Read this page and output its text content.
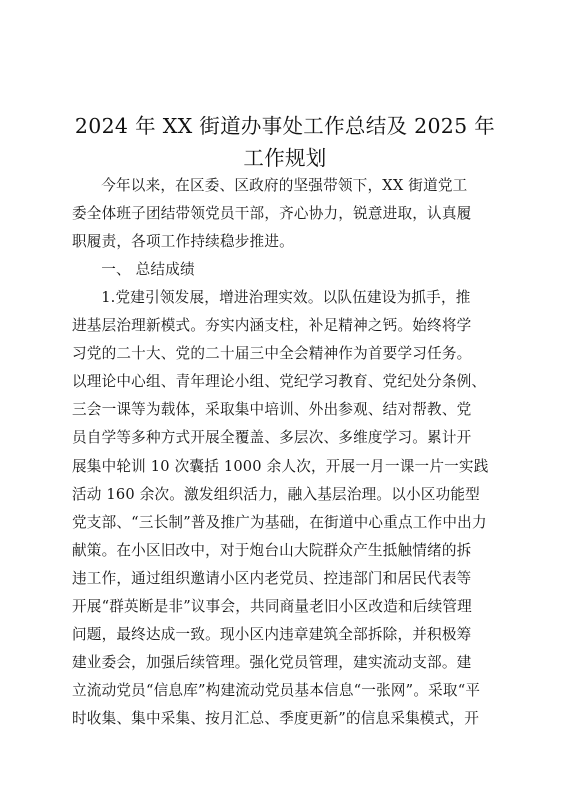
2024 年 XX 街道办事处工作总结及 2025 年
工作规划
今年以来，在区委、区政府的坚强带领下，XX 街道党工
委全体班子团结带领党员干部，齐心协力，锐意进取，认真履
职履责，各项工作持续稳步推进。
一、 总结成绩
1.党建引领发展，增进治理实效。以队伍建设为抓手，推
进基层治理新模式。夯实内涵支柱，补足精神之钙。始终将学
习党的二十大、党的二十届三中全会精神作为首要学习任务。
以理论中心组、青年理论小组、党纪学习教育、党纪处分条例、
三会一课等为载体，采取集中培训、外出参观、结对帮教、党
员自学等多种方式开展全覆盖、多层次、多维度学习。累计开
展集中轮训 10 次囊括 1000 余人次，开展一月一课一片一实践
活动 160 余次。激发组织活力，融入基层治理。以小区功能型
党支部、“三长制”普及推广为基础，在街道中心重点工作中出力
献策。在小区旧改中，对于炮台山大院群众产生抵触情绪的拆
违工作，通过组织邀请小区内老党员、控违部门和居民代表等
开展“群英断是非”议事会，共同商量老旧小区改造和后续管理
问题，最终达成一致。现小区内违章建筑全部拆除，并积极筹
建业委会，加强后续管理。强化党员管理，建实流动支部。建
立流动党员“信息库”构建流动党员基本信息“一张网”。采取“平
时收集、集中采集、按月汇总、季度更新”的信息采集模式，开
